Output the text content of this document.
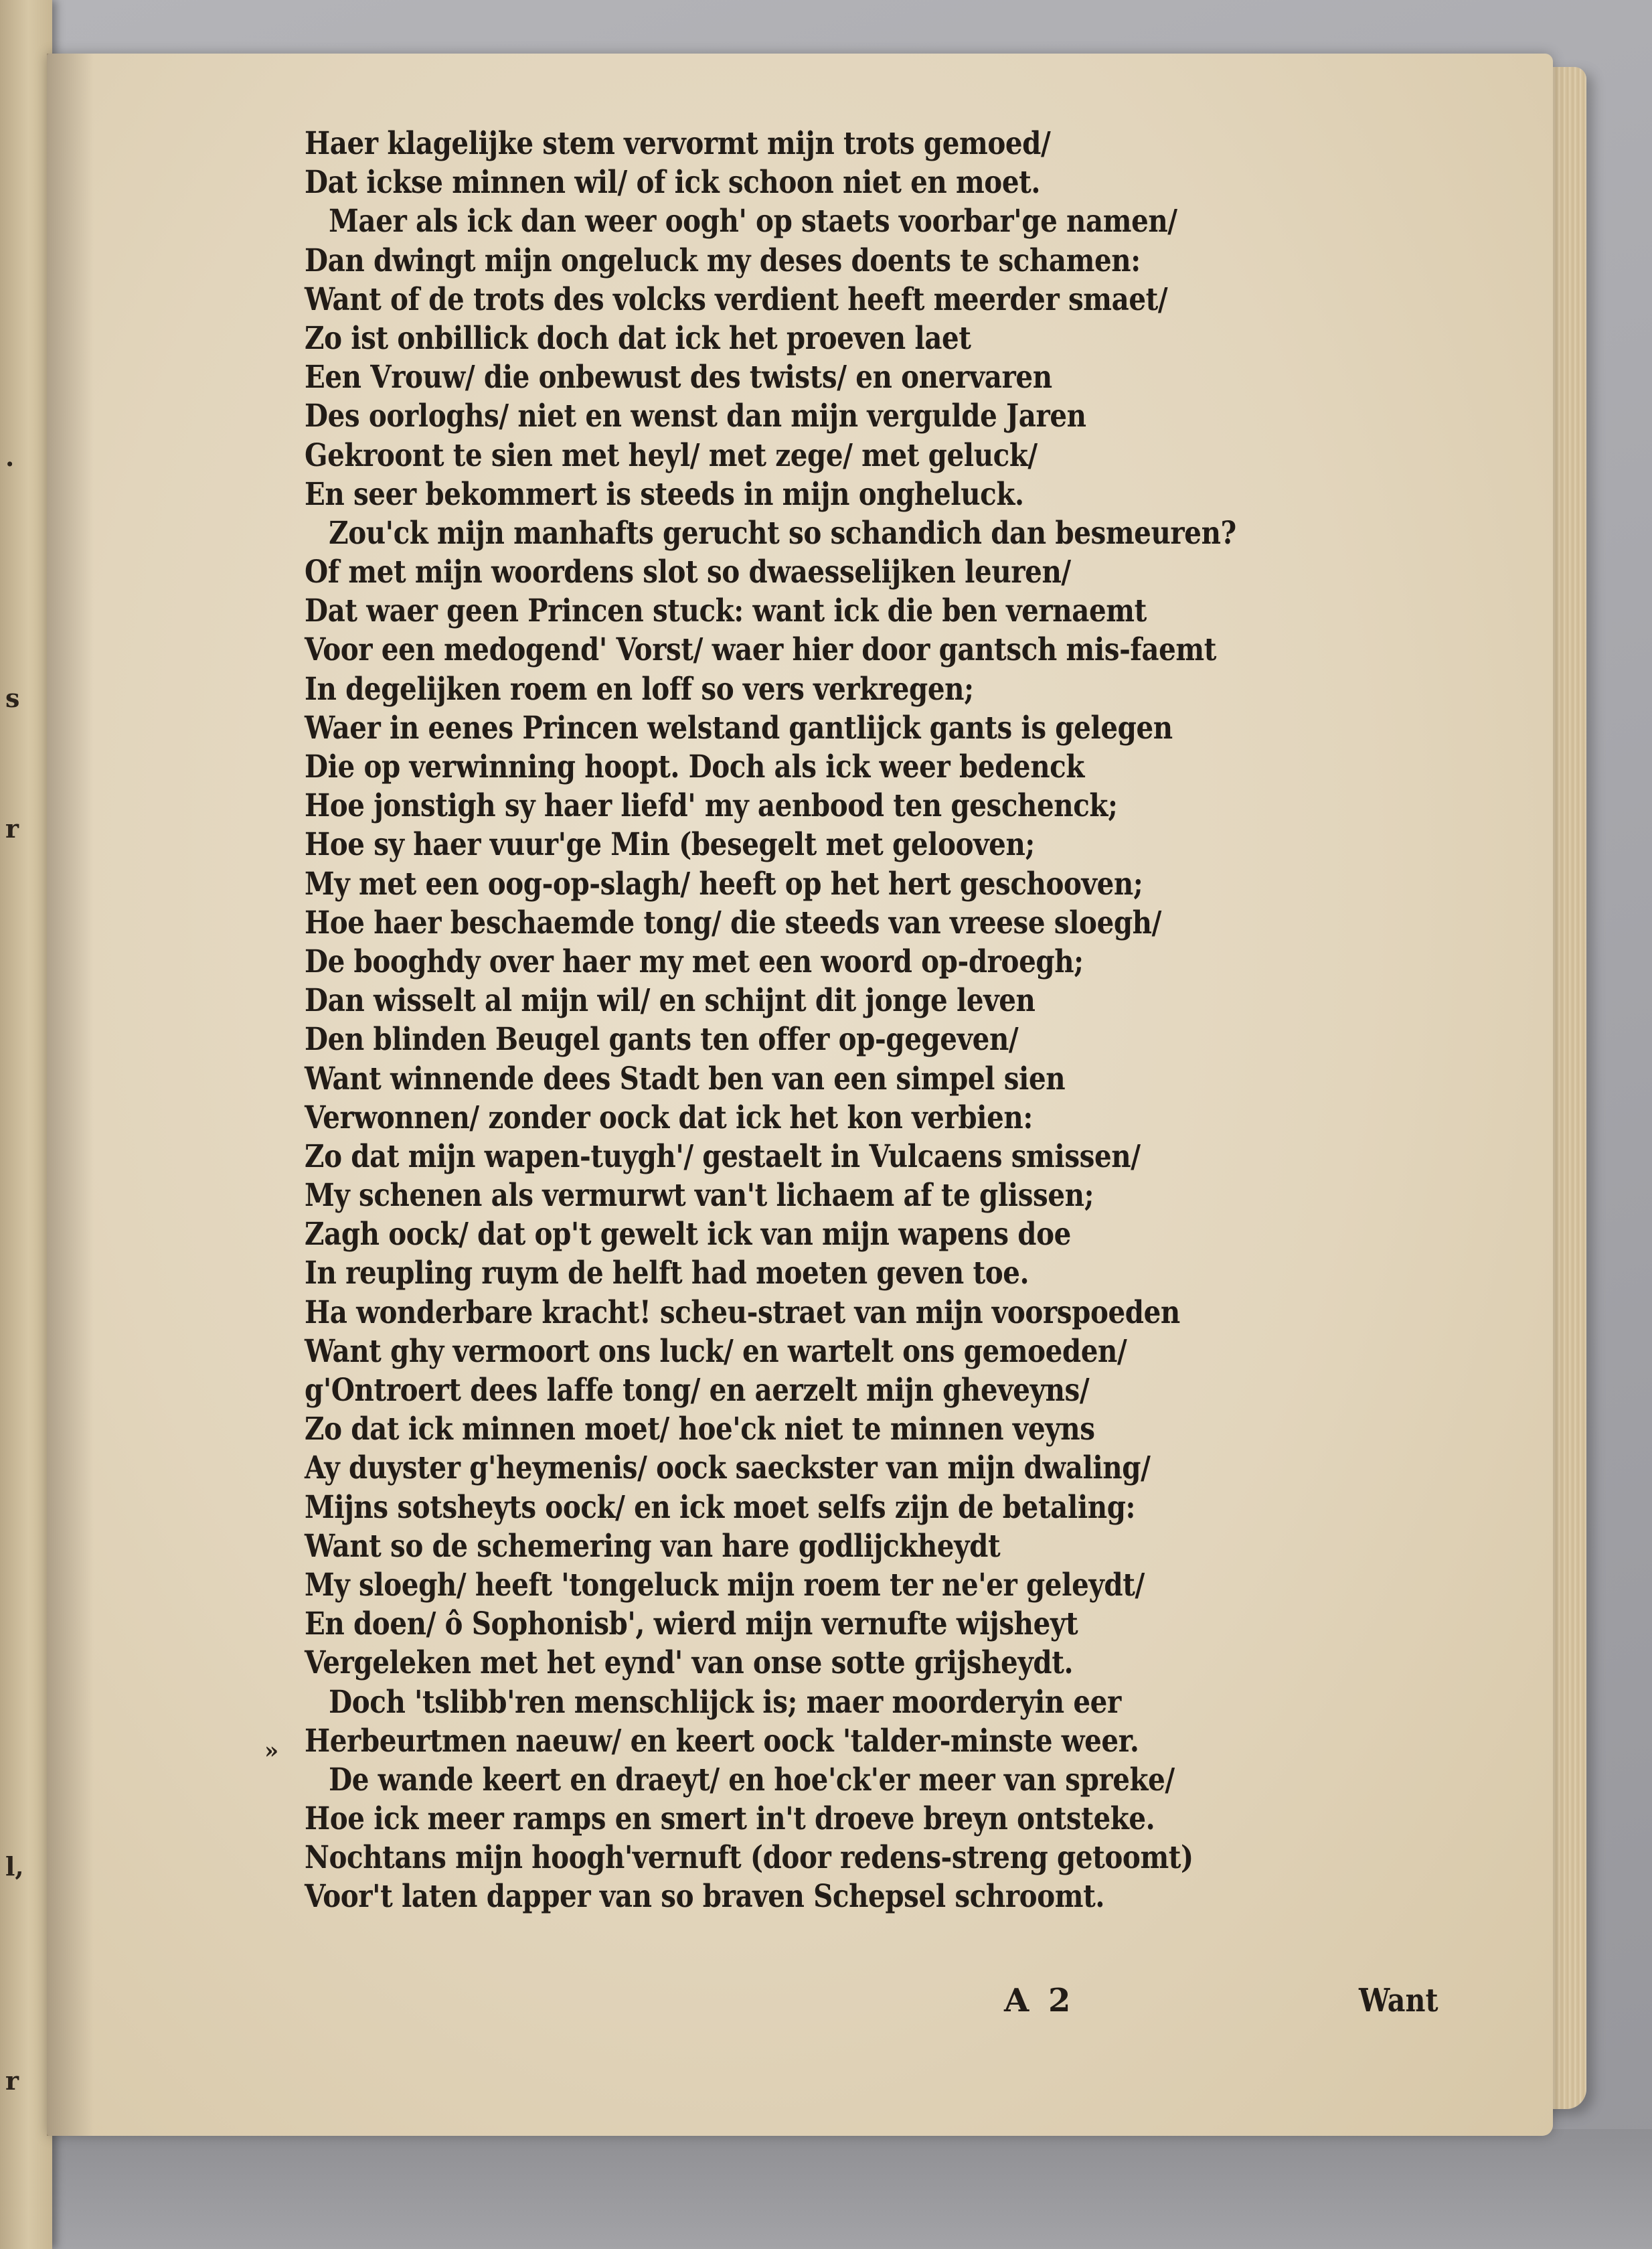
.
s
r
l,
r
Haer klagelijke stem vervormt mijn trots gemoed/
Dat ickse minnen wil/ of ick schoon niet en moet.
Maer als ick dan weer oogh' op staets voorbar'ge namen/
Dan dwingt mijn ongeluck my deses doents te schamen:
Want of de trots des volcks verdient heeft meerder smaet/
Zo ist onbillick doch dat ick het proeven laet
Een Vrouw/ die onbewust des twists/ en onervaren
Des oorloghs/ niet en wenst dan mijn vergulde Jaren
Gekroont te sien met heyl/ met zege/ met geluck/
En seer bekommert is steeds in mijn ongheluck.
Zou'ck mijn manhafts gerucht so schandich dan besmeuren?
Of met mijn woordens slot so dwaesselijken leuren/
Dat waer geen Princen stuck: want ick die ben vernaemt
Voor een medogend' Vorst/ waer hier door gantsch mis-faemt
In degelijken roem en loff so vers verkregen;
Waer in eenes Princen welstand gantlijck gants is gelegen
Die op verwinning hoopt. Doch als ick weer bedenck
Hoe jonstigh sy haer liefd' my aenbood ten geschenck;
Hoe sy haer vuur'ge Min (besegelt met gelooven;
My met een oog-op-slagh/ heeft op het hert geschooven;
Hoe haer beschaemde tong/ die steeds van vreese sloegh/
De booghdy over haer my met een woord op-droegh;
Dan wisselt al mijn wil/ en schijnt dit jonge leven
Den blinden Beugel gants ten offer op-gegeven/
Want winnende dees Stadt ben van een simpel sien
Verwonnen/ zonder oock dat ick het kon verbien:
Zo dat mijn wapen-tuygh'/ gestaelt in Vulcaens smissen/
My schenen als vermurwt van't lichaem af te glissen;
Zagh oock/ dat op't gewelt ick van mijn wapens doe
In reupling ruym de helft had moeten geven toe.
Ha wonderbare kracht! scheu-straet van mijn voorspoeden
Want ghy vermoort ons luck/ en wartelt ons gemoeden/
g'Ontroert dees laffe tong/ en aerzelt mijn gheveyns/
Zo dat ick minnen moet/ hoe'ck niet te minnen veyns
Ay duyster g'heymenis/ oock saeckster van mijn dwaling/
Mijns sotsheyts oock/ en ick moet selfs zijn de betaling:
Want so de schemering van hare godlijckheydt
My sloegh/ heeft 'tongeluck mijn roem ter ne'er geleydt/
En doen/ ô Sophonisb', wierd mijn vernufte wijsheyt
Vergeleken met het eynd' van onse sotte grijsheydt.
Doch 'tslibb'ren menschlijck is; maer moorderyin eer
Herbeurtmen naeuw/ en keert oock 'talder-minste weer.
De wande keert en draeyt/ en hoe'ck'er meer van spreke/
Hoe ick meer ramps en smert in't droeve breyn ontsteke.
Nochtans mijn hoogh'vernuft (door redens-streng getoomt)
Voor't laten dapper van so braven Schepsel schroomt.
»
A 2	Want
